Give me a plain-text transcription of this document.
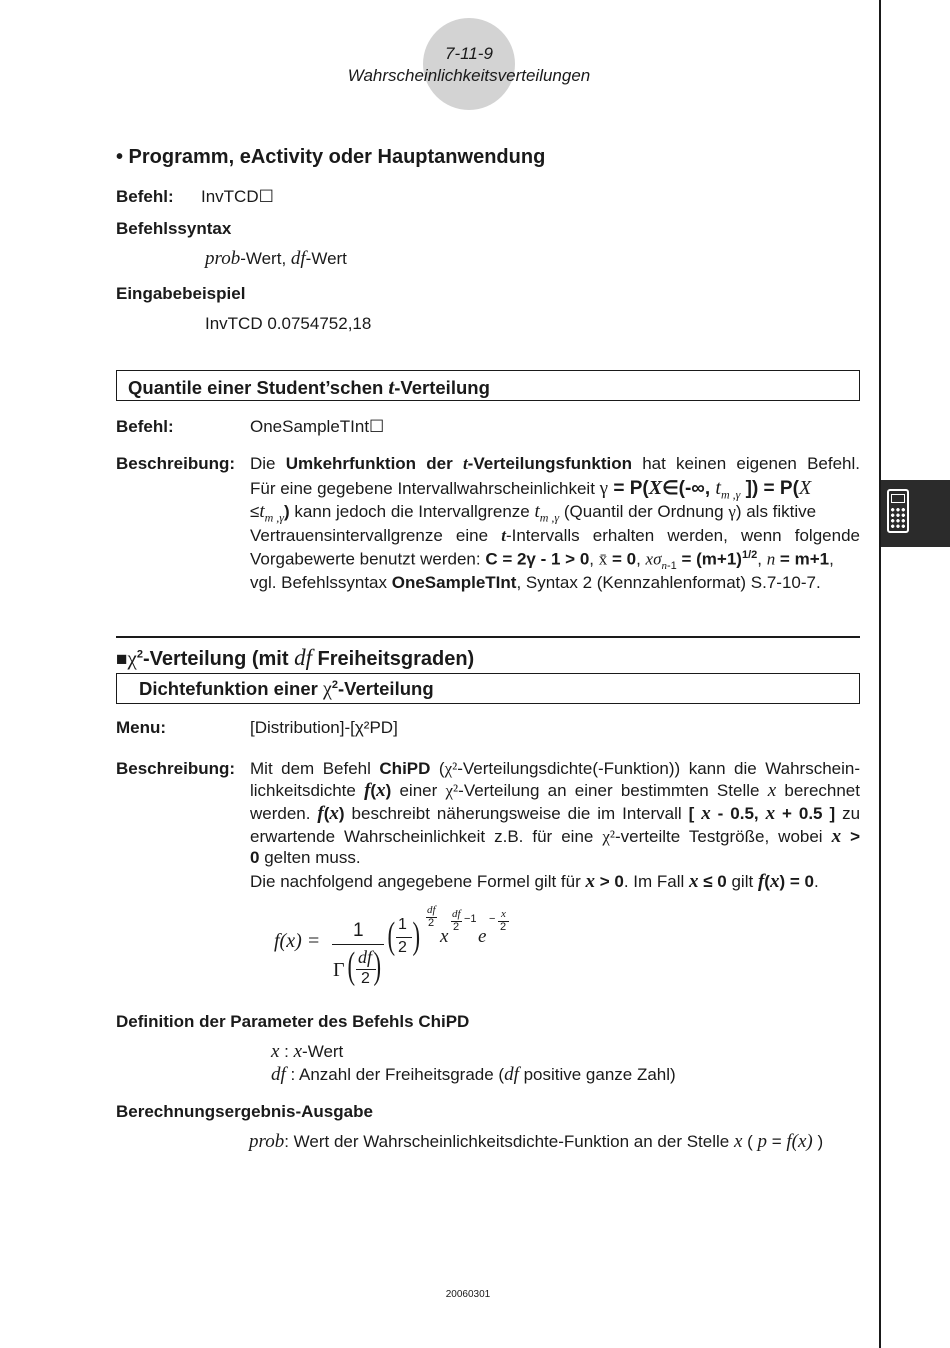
7-11-9
Wahrscheinlichkeitsverteilungen
• Programm, eActivity oder Hauptanwendung
Befehl: InvTCD☐
Befehlssyntax
prob-Wert, df-Wert
Eingabebeispiel
InvTCD 0.0754752,18
Quantile einer Student’schen t-Verteilung
Befehl:	OneSampleTInt☐
Beschreibung: Die Umkehrfunktion der t-Verteilungsfunktion hat keinen eigenen Befehl.
Für eine gegebene Intervallwahrscheinlichkeit γ = P(X∈(-∞, $t_{m ,\gamma}$ ]) = P(X
$\le t_{m ,\gamma}$) kann jedoch die Intervallgrenze $t_{m ,\gamma}$ (Quantil der Ordnung γ) als fiktive
Vertrauensintervallgrenze eine t-Intervalls erhalten werden, wenn folgende
Vorgabewerte benutzt werden: C = 2γ - 1 > 0, x̄ = 0, $x\sigma_{n-1} = (m+1)^{1/2}$, n = m+1,
vgl. Befehlssyntax OneSampleTInt, Syntax 2 (Kennzahlenformat) S.7-10-7.
$■\chi^2$-Verteilung (mit df Freiheitsgraden)
Dichtefunktion einer $\chi^2$-Verteilung
Menu:	[Distribution]-[χ²PD]
Beschreibung: Mit dem Befehl ChiPD (χ²-Verteilungsdichte(-Funktion)) kann die Wahrschein-
lichkeitsdichte f(x) einer χ²-Verteilung an einer bestimmten Stelle x berechnet
werden. f(x) beschreibt näherungsweise die im Intervall [ x - 0.5, x + 0.5 ] zu
erwartende Wahrscheinlichkeit z.B. für eine χ²-verteilte Testgröße, wobei x >
0 gelten muss.
Die nachfolgend angegebene Formel gilt für x > 0. Im Fall x ≤ 0 gilt f(x) = 0.
f(x) = 1
Γ ( df
2 )
( 1
2 )
df
2
x
df
2
−1
e
− x
2
Definition der Parameter des Befehls ChiPD
x : x-Wert
df : Anzahl der Freiheitsgrade (df positive ganze Zahl)
Berechnungsergebnis-Ausgabe
prob: Wert der Wahrscheinlichkeitsdichte-Funktion an der Stelle x ( p = f(x) )
20060301
